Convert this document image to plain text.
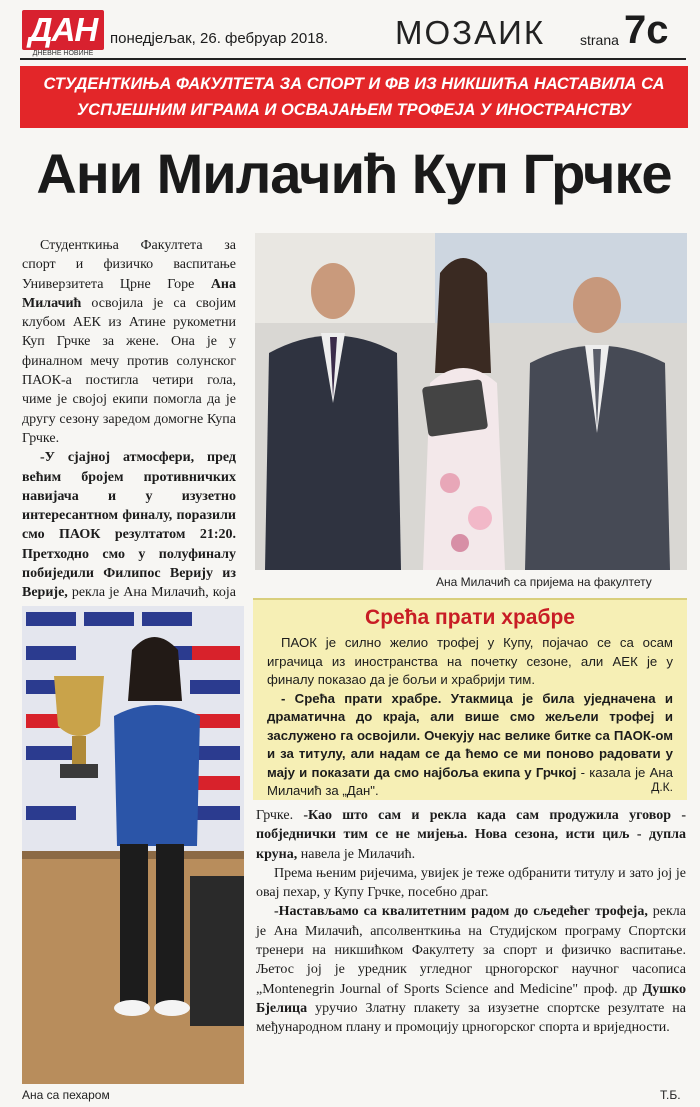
ДАН
ДНЕВНЕ НОВИНЕ
понедјељак, 26. фебруар 2018. МОЗАИК strana 7c
СТУДЕНТКИЊА ФАКУЛТЕТА ЗА СПОРТ И ФВ ИЗ НИКШИЋА НАСТАВИЛА СА
УСПЈЕШНИМ ИГРАМА И ОСВАЈАЊЕМ ТРОФЕЈА У ИНОСТРАНСТВУ
Ани Милачић Куп Грчке

Студенткиња Факултета за спорт и физичко васпитање Универзитета Црне Горе Ана Милачић освојила је са својим клубом АЕК из Атине рукометни Куп Грчке за жене. Она је у финалном мечу против солунског ПАОК-а постигла четири гола, чиме је својој екипи помогла да је другу сезону заредом домогне Купа Грчке.

-У сјајној атмосфери, пред већим бројем противничких навијача и у изузетно интересантном финалу, поразили смо ПАОК резултатом 21:20. Претходно смо у полуфиналу побиједили Филипос Верију из Верије, рекла је Ана Милачић, која

Ана Милачић са пријема на факултету
Ана са пехаром
Срећа прати храбре

ПАОК је силно желио трофеј у Купу, појачао се са осам играчица из иностранства на почетку сезоне, али АЕК је у финалу показао да је бољи и храбрији тим.

- Срећа прати храбре. Утакмица је била уједначена и драматична до краја, али више смо жељели трофеј и заслужено га освојили. Очекују нас велике битке са ПАОК-ом и за титулу, али надам се да ћемо се ми поново радовати у мају и показати да смо најбоља екипа у Грчкој - казала је Ана Милачић за „Дан".	Д.К.

Грчке. -Као што сам и рекла када сам продужила уговор - побједнички тим се не мијења. Нова сезона, исти циљ - дупла круна, навела је Милачић.

Према њеним ријечима, увијек је теже одбранити титулу и зато јој је овај пехар, у Купу Грчке, посебно драг.

-Настављамо са квалитетним радом до сљедећег трофеја, рекла је Ана Милачић, апсолвенткиња на Студијском програму Спортски тренери на никшићком Факултету за спорт и физичко васпитање. Љетос јој је уредник угледног црногорског научног часописа „Montenegrin Journal of Sports Science and Medicine" проф. др Душко Бјелица уручио Златну плакету за изузетне спортске резултате на међународном плану и промоцију црногорског спорта и вриједности.

Т.Б.
